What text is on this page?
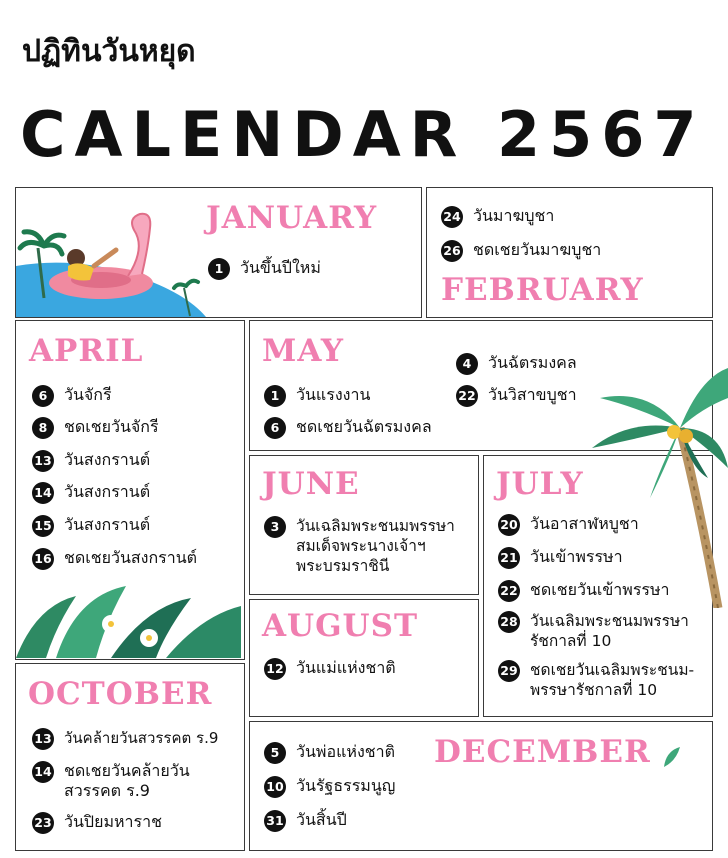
ปฏิทินวันหยุด
CALENDAR 2567
JANUARY
1	วันขึ้นปีใหม่
24 วันมาฆบูชา
26 ชดเชยวันมาฆบูชา
FEBRUARY
APRIL
6	วันจักรี
8	ชดเชยวันจักรี
13 วันสงกรานต์
14 วันสงกรานต์
15 วันสงกรานต์
16 ชดเชยวันสงกรานต์
MAY
1	วันแรงงาน
6	ชดเชยวันฉัตรมงคล
4	วันฉัตรมงคล
22 วันวิสาขบูชา
JUNE
3	วันเฉลิมพระชนมพรรษา
สมเด็จพระนางเจ้าฯ
พระบรมราชินี
AUGUST
12 วันแม่แห่งชาติ
JULY
20 วันอาสาฬหบูชา
21 วันเข้าพรรษา
22 ชดเชยวันเข้าพรรษา
28 วันเฉลิมพระชนมพรรษา
รัชกาลที่ 10
29 ชดเชยวันเฉลิมพระชนม-
พรรษารัชกาลที่ 10
OCTOBER
13 วันคล้ายวันสวรรคต ร.9
14 ชดเชยวันคล้ายวัน
สวรรคต ร.9
23 วันปิยมหาราช
5	วันพ่อแห่งชาติ
10 วันรัฐธรรมนูญ
31 วันสิ้นปี
DECEMBER
